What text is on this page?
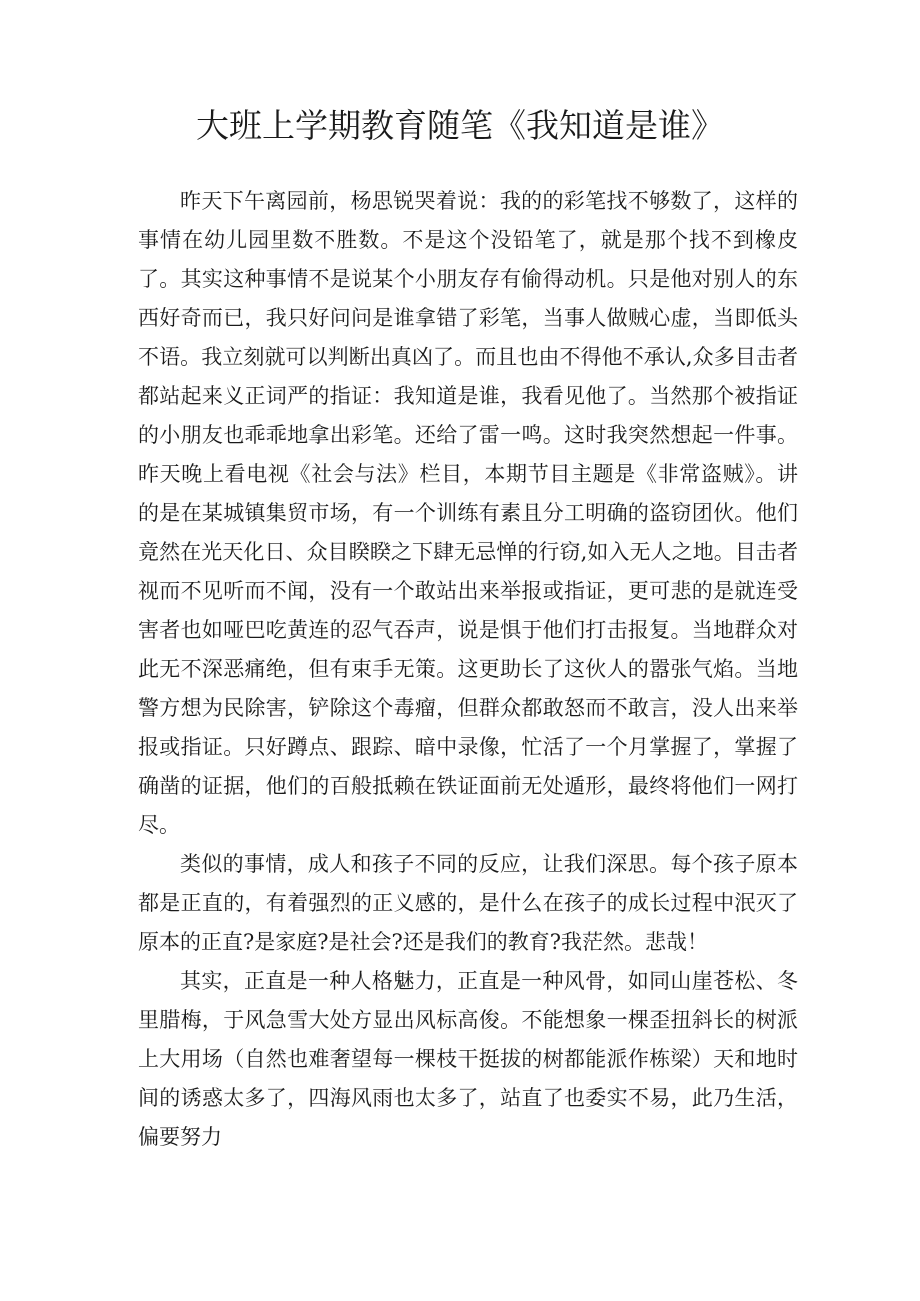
大班上学期教育随笔《我知道是谁》

昨天下午离园前，杨思锐哭着说：我的的彩笔找不够数了，这样的事情在幼儿园里数不胜数。不是这个没铅笔了，就是那个找不到橡皮了。其实这种事情不是说某个小朋友存有偷得动机。只是他对别人的东西好奇而已，我只好问问是谁拿错了彩笔，当事人做贼心虚，当即低头不语。我立刻就可以判断出真凶了。而且也由不得他不承认,众多目击者都站起来义正词严的指证：我知道是谁，我看见他了。当然那个被指证的小朋友也乖乖地拿出彩笔。还给了雷一鸣。这时我突然想起一件事。昨天晚上看电视《社会与法》栏目，本期节目主题是《非常盗贼》。讲的是在某城镇集贸市场，有一个训练有素且分工明确的盗窃团伙。他们竟然在光天化日、众目睽睽之下肆无忌惮的行窃,如入无人之地。目击者视而不见听而不闻，没有一个敢站出来举报或指证，更可悲的是就连受害者也如哑巴吃黄连的忍气吞声，说是惧于他们打击报复。当地群众对此无不深恶痛绝，但有束手无策。这更助长了这伙人的嚣张气焰。当地警方想为民除害，铲除这个毒瘤，但群众都敢怒而不敢言，没人出来举报或指证。只好蹲点、跟踪、暗中录像，忙活了一个月掌握了，掌握了确凿的证据，他们的百般抵赖在铁证面前无处遁形，最终将他们一网打尽。

类似的事情，成人和孩子不同的反应，让我们深思。每个孩子原本都是正直的，有着强烈的正义感的，是什么在孩子的成长过程中泯灭了原本的正直?是家庭?是社会?还是我们的教育?我茫然。悲哉！

其实，正直是一种人格魅力，正直是一种风骨，如同山崖苍松、冬里腊梅，于风急雪大处方显出风标高俊。不能想象一棵歪扭斜长的树派上大用场（自然也难奢望每一棵枝干挺拔的树都能派作栋梁）天和地时间的诱惑太多了，四海风雨也太多了，站直了也委实不易，此乃生活，偏要努力
